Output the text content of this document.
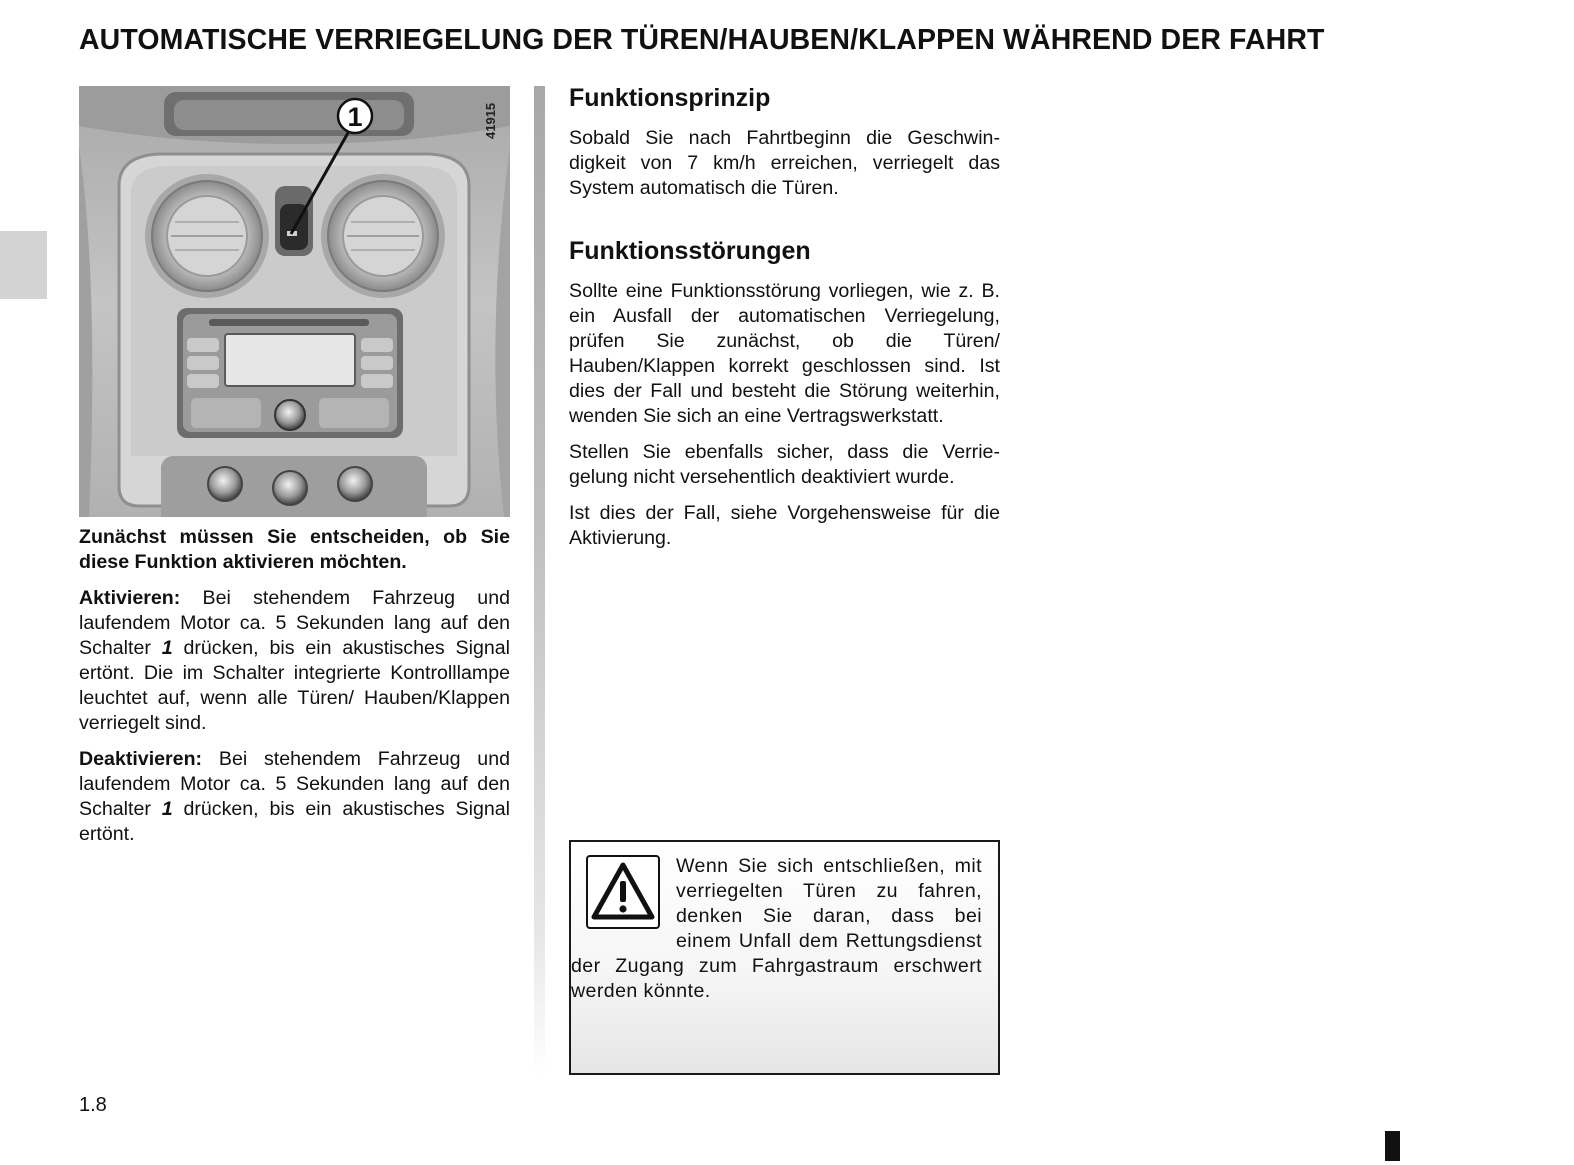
AUTOMATISCHE VERRIEGELUNG DER TÜREN/HAUBEN/KLAPPEN WÄHREND DER FAHRT
1	41915

Zunächst müssen Sie entscheiden, ob Sie diese Funktion aktivieren möchten.

Aktivieren: Bei stehendem Fahrzeug und laufendem Motor ca. 5 Sekunden lang auf den Schalter 1 drücken, bis ein akustisches Signal ertönt. Die im Schalter integrierte Kontrolllampe leuchtet auf, wenn alle Türen/ Hauben/Klappen verriegelt sind.

Deaktivieren: Bei stehendem Fahrzeug und laufendem Motor ca. 5 Sekunden lang auf den Schalter 1 drücken, bis ein akustisches Signal ertönt.

Funktionsprinzip

Sobald Sie nach Fahrtbeginn die Geschwindigkeit von 7 km/h erreichen, verriegelt das System automatisch die Türen.

Funktionsstörungen

Sollte eine Funktionsstörung vorliegen, wie z. B. ein Ausfall der automatischen Verriegelung, prüfen Sie zunächst, ob die Türen/ Hauben/Klappen korrekt geschlossen sind. Ist dies der Fall und besteht die Störung weiterhin, wenden Sie sich an eine Vertragswerkstatt.

Stellen Sie ebenfalls sicher, dass die Verriegelung nicht versehentlich deaktiviert wurde.

Ist dies der Fall, siehe Vorgehensweise für die Aktivierung.

Wenn Sie sich entschließen, mit verriegelten Türen zu fahren, denken Sie daran, dass bei einem Unfall dem Rettungsdienst der Zugang zum Fahrgastraum erschwert werden könnte.

1.8
